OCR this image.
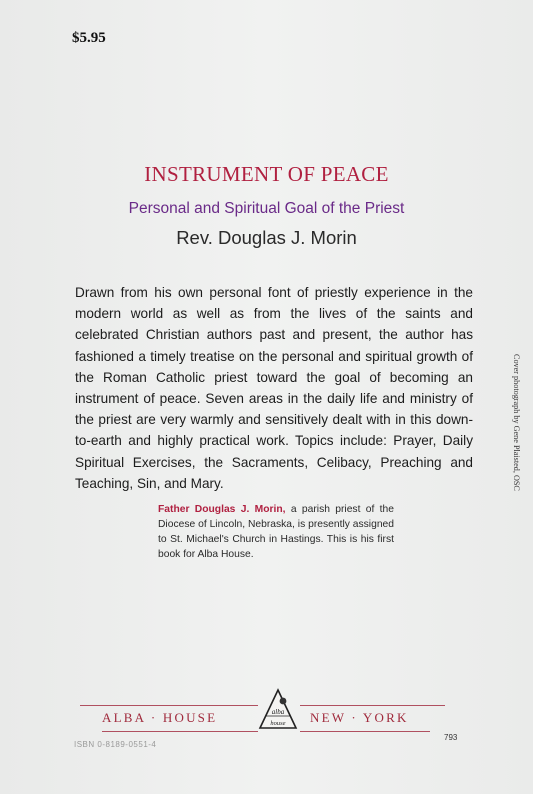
$5.95
INSTRUMENT OF PEACE
Personal and Spiritual Goal of the Priest
Rev. Douglas J. Morin
Drawn from his own personal font of priestly experience in the modern world as well as from the lives of the saints and celebrated Christian authors past and present, the author has fashioned a timely treatise on the personal and spiritual growth of the Roman Catholic priest toward the goal of becoming an instrument of peace. Seven areas in the daily life and ministry of the priest are very warmly and sensitively dealt with in this down-to-earth and highly practical work. Topics include: Prayer, Daily Spiritual Exercises, the Sacraments, Celibacy, Preaching and Teaching, Sin, and Mary.
Father Douglas J. Morin, a parish priest of the Diocese of Lincoln, Nebraska, is presently assigned to St. Michael's Church in Hastings. This is his first book for Alba House.
Cover photograph by Gene Plaisted, OSC
ALBA · HOUSE	NEW · YORK
alba
house
ISBN 0-8189-0551-4
793
